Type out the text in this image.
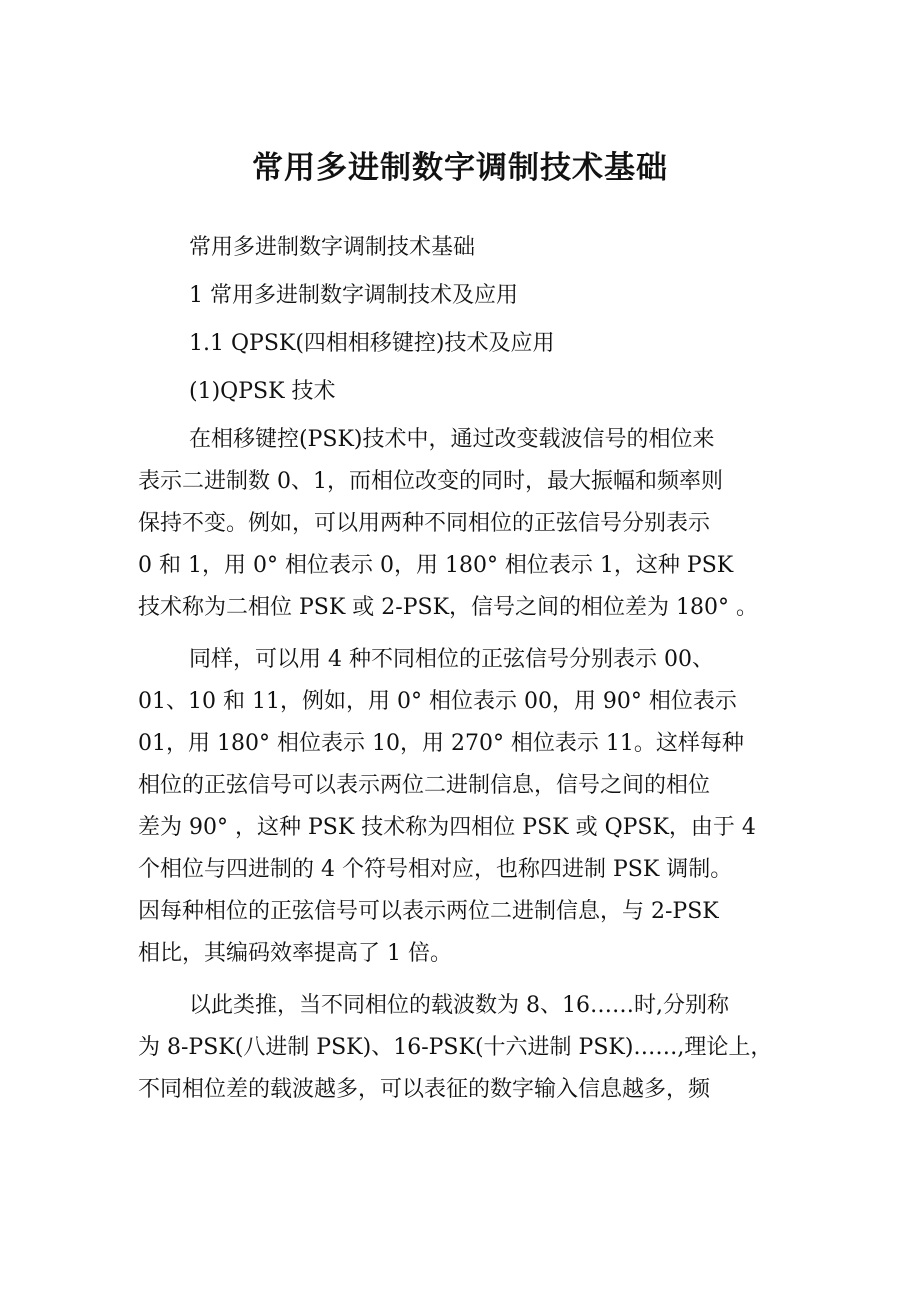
常用多进制数字调制技术基础
常用多进制数字调制技术基础
1 常用多进制数字调制技术及应用
1.1 QPSK(四相相移键控)技术及应用
(1)QPSK 技术
在相移键控(PSK)技术中，通过改变载波信号的相位来
表示二进制数 0、1，而相位改变的同时，最大振幅和频率则
保持不变。例如，可以用两种不同相位的正弦信号分别表示
0 和 1，用 0° 相位表示 0，用 180° 相位表示 1，这种 PSK
技术称为二相位 PSK 或 2-PSK，信号之间的相位差为 180° 。
同样，可以用 4 种不同相位的正弦信号分别表示 00、
01、10 和 11，例如，用 0° 相位表示 00，用 90° 相位表示
01，用 180° 相位表示 10，用 270° 相位表示 11。这样每种
相位的正弦信号可以表示两位二进制信息，信号之间的相位
差为 90° ，这种 PSK 技术称为四相位 PSK 或 QPSK，由于 4
个相位与四进制的 4 个符号相对应，也称四进制 PSK 调制。
因每种相位的正弦信号可以表示两位二进制信息，与 2-PSK
相比，其编码效率提高了 1 倍。
以此类推，当不同相位的载波数为 8、16……时,分别称
为 8-PSK(八进制 PSK)、16-PSK(十六进制 PSK)……,理论上，
不同相位差的载波越多，可以表征的数字输入信息越多，频
